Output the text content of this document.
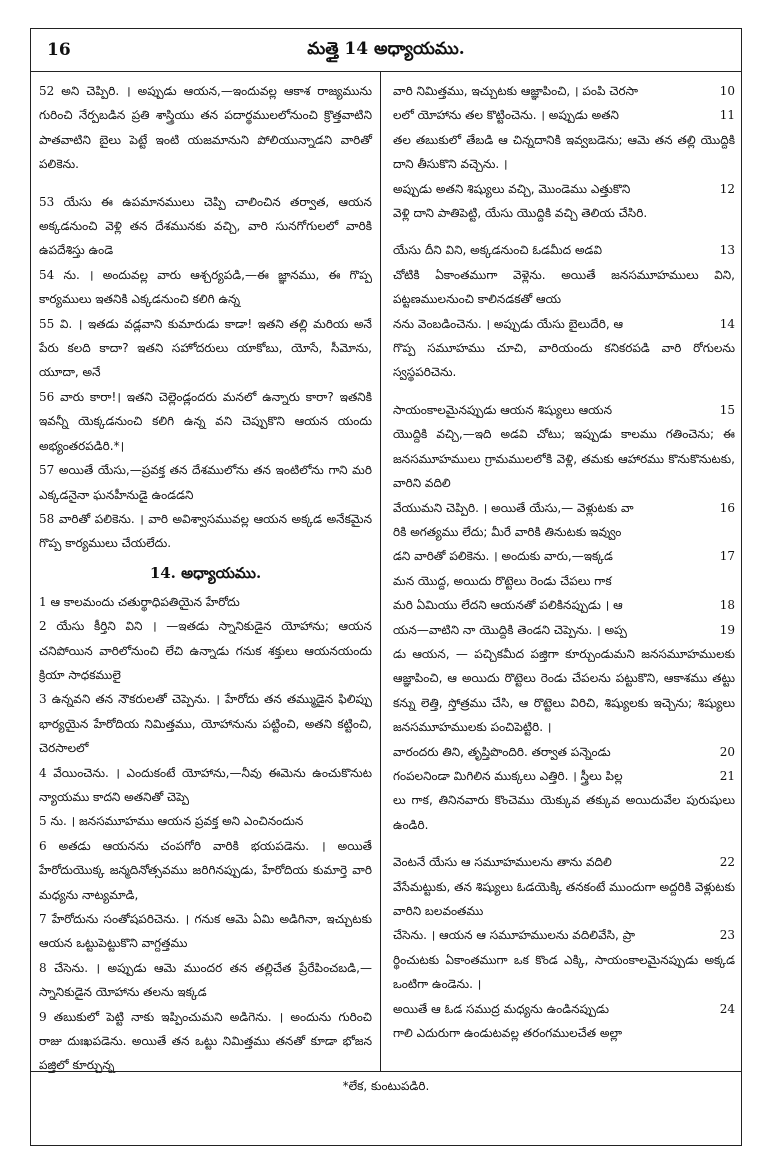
16	మత్తై 14 అధ్యాయము.

52 అని చెప్పిరి. । అప్పుడు ఆయన,—ఇందువల్ల ఆకాశ రాజ్యమును గురించి నేర్పబడిన ప్రతి శాస్త్రియు తన పదార్థములలోనుంచి క్రొత్తవాటిని పాతవాటిని బైలు పెట్టే ఇంటి యజమానుని పోలియున్నాడని వారితో పలికెను.

53 యేసు ఈ ఉపమానములు చెప్పి చాలించిన తర్వాత, ఆయన అక్కడనుంచి వెళ్లి తన దేశమునకు వచ్చి, వారి సునగోగులలో వారికి ఉపదేశిస్తు ఉండె

54 ను. । అందువల్ల వారు ఆశ్చర్యపడి,—ఈ జ్ఞానము, ఈ గొప్ప కార్యములు ఇతనికి ఎక్కడనుంచి కలిగి ఉన్న

55 వి. । ఇతడు వడ్లవాని కుమారుడు కాడా! ఇతని తల్లి మరియ అనే పేరు కలది కాదా? ఇతని సహోదరులు యాకోబు, యోసే, సీమోను, యూదా, అనే

56 వారు కారా!। ఇతని చెల్లెండ్లందరు మనలో ఉన్నారు కారా? ఇతనికి ఇవన్నీ యెక్కడనుంచి కలిగి ఉన్న వని చెప్పుకొని ఆయన యందు అభ్యంతరపడిరి.*।

57 అయితే యేసు,—ప్రవక్త తన దేశములోను తన ఇంటిలోను గాని మరి ఎక్కడనైనా ఘనహీనుడై ఉండడని

58 వారితో పలికెను. । వారి అవిశ్వాసమువల్ల ఆయన అక్కడ అనేకమైన గొప్ప కార్యములు చేయలేదు.

14. అధ్యాయము.

1 ఆ కాలమందు చతుర్థాధిపతియైన హేరోదు

2 యేసు కీర్తిని విని । —ఇతడు స్నానికుడైన యోహాను; ఆయన చనిపోయిన వారిలోనుంచి లేచి ఉన్నాడు గనుక శక్తులు ఆయనయందు క్రియా సాధకములై

3 ఉన్నవని తన నౌకరులతో చెప్పెను. । హేరోదు తన తమ్ముడైన ఫిలిప్పు భార్యయైన హేరోదియ నిమిత్తము, యోహానును పట్టించి, అతని కట్టించి, చెరసాలలో

4 వేయించెను. । ఎందుకంటే యోహాను,—నీవు ఈమెను ఉంచుకొనుట న్యాయము కాదని అతనితో చెప్పె

5 ను. । జనసమూహము ఆయన ప్రవక్త అని ఎంచినందున

6 అతడు ఆయనను చంపగోరి వారికి భయపడెను. । అయితే హేరోదుయొక్క జన్మదినోత్సవము జరిగినప్పుడు, హేరోదియ కుమార్తె వారి మధ్యను నాట్యమాడి,

7 హేరోదును సంతోషపరిచెను. । గనుక ఆమె ఏమి అడిగినా, ఇచ్చుటకు ఆయన ఒట్టుపెట్టుకొని వాగ్దత్తము

8 చేసెను. । అప్పుడు ఆమె ముందర తన తల్లిచేత ప్రేరేపించబడి,—స్నానికుడైన యోహాను తలను ఇక్కడ

9 తబుకులో పెట్టి నాకు ఇప్పించుమని అడిగెను. । అందును గురించి రాజు దుఃఖపడెను. అయితే తన ఒట్టు నిమిత్తము తనతో కూడా భోజన పజ్తిలో కూర్చున్న

10
వారి నిమిత్తము, ఇచ్చుటకు ఆజ్ఞాపించి, । పంపి చెరసా

11
లలో యోహాను తల కొట్టించెను. । అప్పుడు అతని

తల తబుకులో తేబడి ఆ చిన్నదానికి ఇవ్వబడెను; ఆమె తన తల్లి యొద్దికి దాని తీసుకొని వచ్చెను. ।

12
అప్పుడు అతని శిష్యులు వచ్చి, మొండెము ఎత్తుకొని

వెళ్లి దాని పాతిపెట్టి, యేసు యొద్దికి వచ్చి తెలియ చేసిరి.

13
యేసు దీని విని, అక్కడనుంచి ఓడమీద అడవి

చోటికి ఏకాంతముగా వెళ్లెను. అయితే జనసమూహములు విని, పట్టణములనుంచి కాలినడకతో ఆయ

14
నను వెంబడించెను. । అప్పుడు యేసు బైలుదేరి, ఆ

గొప్ప సమూహము చూచి, వారియందు కనికరపడి వారి రోగులను స్వస్థపరిచెను.

15
సాయంకాలమైనప్పుడు ఆయన శిష్యులు ఆయన

యొద్దికి వచ్చి,—ఇది అడవి చోటు; ఇప్పుడు కాలము గతించెను; ఈ జనసమూహములు గ్రామములలోకి వెళ్లి, తమకు ఆహారము కొనుకొనుటకు, వారిని వదిలి

16
వేయుమని చెప్పిరి. । అయితే యేసు,— వెళ్లుటకు వా

రికి అగత్యము లేదు; మీరే వారికి తినుటకు ఇవ్వుం

17
డని వారితో పలికెను. । అందుకు వారు,—ఇక్కడ

మన యొద్ద, అయిదు రొట్టెలు రెండు చేపలు గాక

18
మరి ఏమియు లేదని ఆయనతో పలికినప్పుడు । ఆ

19
యన—వాటిని నా యొద్దికి తెండని చెప్పెను. । అప్ప

డు ఆయన, — పచ్చికమీద పజ్తిగా కూర్చుండుమని జనసమూహములకు ఆజ్ఞాపించి, ఆ అయిదు రొట్టెలు రెండు చేపలను పట్టుకొని, ఆకాశము తట్టు కన్ను లెత్తి, స్తోత్రము చేసి, ఆ రొట్టెలు విరిచి, శిష్యులకు ఇచ్చెను; శిష్యులు జనసమూహములకు పంచిపెట్టిరి. ।

20
వారందరు తిని, తృప్తిపొందిరి. తర్వాత పన్నెండు

21
గంపలనిండా మిగిలిన ముక్కలు ఎత్తిరి. । స్త్రీలు పిల్ల

లు గాక, తినినవారు కొంచెము యెక్కువ తక్కువ అయిదువేల పురుషులు ఉండిరి.

22
వెంటనే యేసు ఆ సమూహములను తాను వదిలి

వేసేమట్టుకు, తన శిష్యులు ఓడయెక్కి తనకంటే ముందుగా అద్దరికి వెళ్లుటకు వారిని బలవంతము

23
చేసెను. । ఆయన ఆ సమూహములను వదిలివేసి, ప్రా

ర్థించుటకు ఏకాంతముగా ఒక కొండ ఎక్కి, సాయంకాలమైనప్పుడు అక్కడ ఒంటిగా ఉండెను. ।

24
అయితే ఆ ఓడ సముద్ర మధ్యను ఉండినప్పుడు

గాలి ఎదురుగా ఉండుటవల్ల తరంగములచేత అల్లా

*లేక, కుంటుపడిరి.
